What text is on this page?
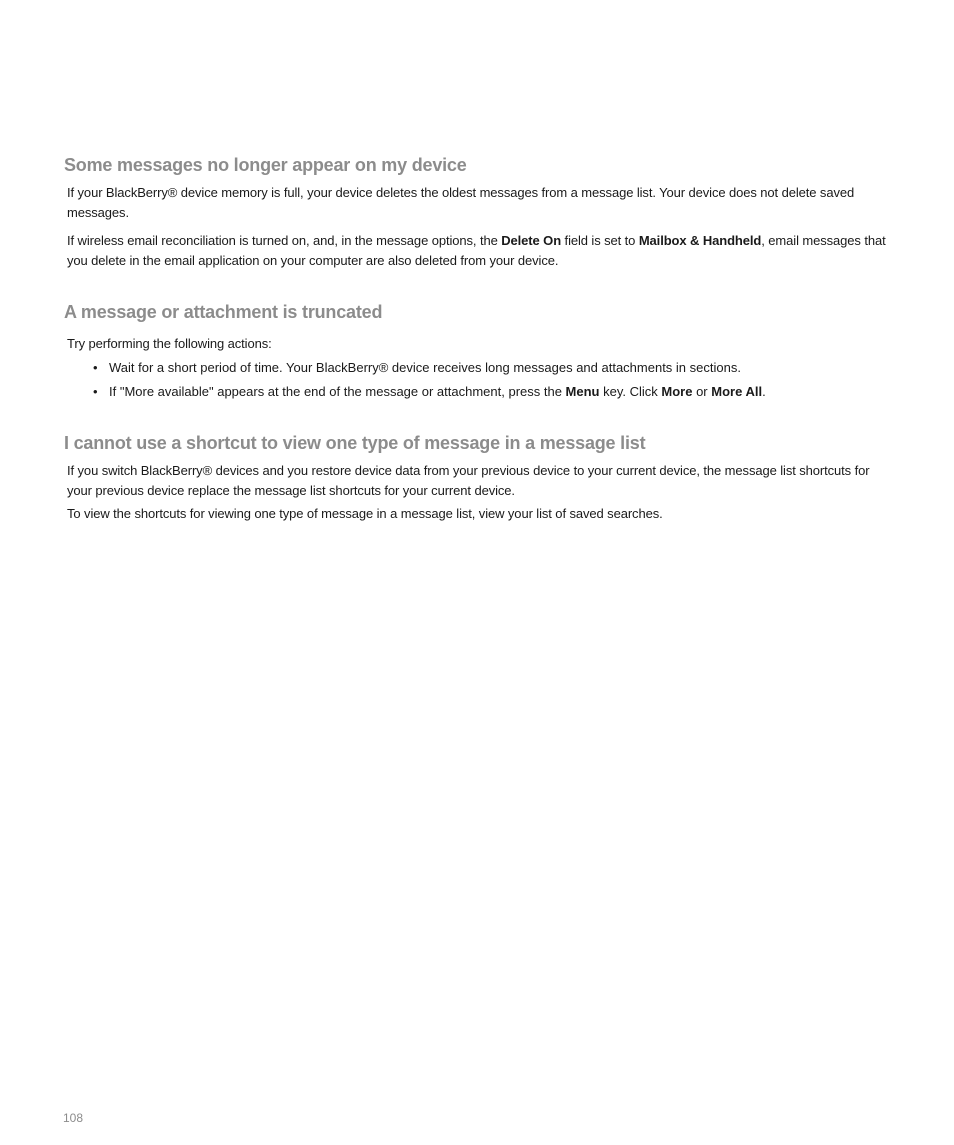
Some messages no longer appear on my device

If your BlackBerry® device memory is full, your device deletes the oldest messages from a message list. Your device does not delete saved messages.

If wireless email reconciliation is turned on, and, in the message options, the Delete On field is set to Mailbox & Handheld, email messages that you delete in the email application on your computer are also deleted from your device.

A message or attachment is truncated

Try performing the following actions:

• Wait for a short period of time. Your BlackBerry® device receives long messages and attachments in sections.
• If "More available" appears at the end of the message or attachment, press the Menu key. Click More or More All.
I cannot use a shortcut to view one type of message in a message list

If you switch BlackBerry® devices and you restore device data from your previous device to your current device, the message list shortcuts for your previous device replace the message list shortcuts for your current device.

To view the shortcuts for viewing one type of message in a message list, view your list of saved searches.

108
